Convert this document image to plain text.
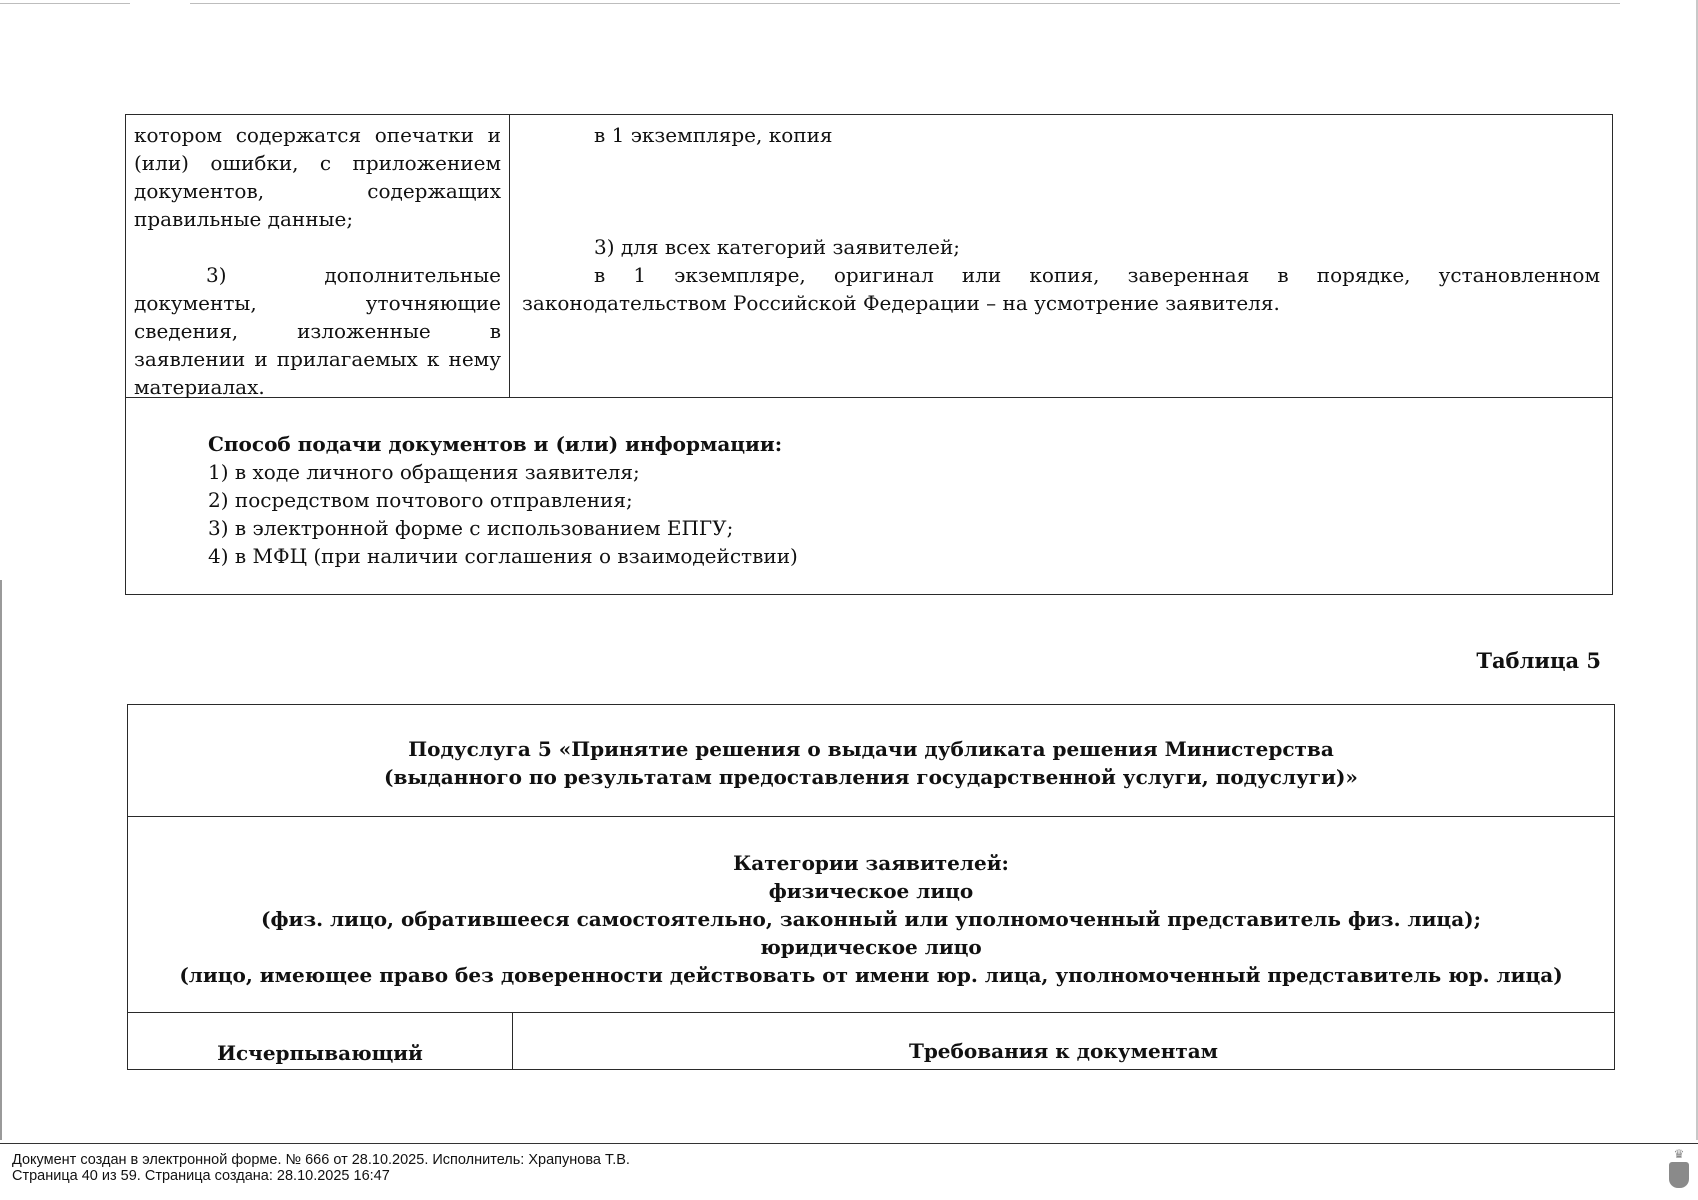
котором содержатся опечатки и (или) ошибки, с приложением документов, содержащих правильные данные;

3) дополнительные документы, уточняющие сведения, изложенные в заявлении и прилагаемых к нему материалах.

в 1 экземпляре, копия

3) для всех категорий заявителей;

в 1 экземпляре, оригинал или копия, заверенная в порядке, установленном законодательством Российской Федерации – на усмотрение заявителя.

Способ подачи документов и (или) информации:

1) в ходе личного обращения заявителя;

2) посредством почтового отправления;

3) в электронной форме с использованием ЕПГУ;

4) в МФЦ (при наличии соглашения о взаимодействии)

Таблица 5

Подуслуга 5 «Принятие решения о выдачи дубликата решения Министерства

(выданного по результатам предоставления государственной услуги, подуслуги)»

Категории заявителей:

физическое лицо

(физ. лицо, обратившееся самостоятельно, законный или уполномоченный представитель физ. лица);

юридическое лицо

(лицо, имеющее право без доверенности действовать от имени юр. лица, уполномоченный представитель юр. лица)

Исчерпывающий	Требования к документам

Документ создан в электронной форме. № 666 от 28.10.2025. Исполнитель: Храпунова Т.В.

Страница 40 из 59. Страница создана: 28.10.2025 16:47

♛
